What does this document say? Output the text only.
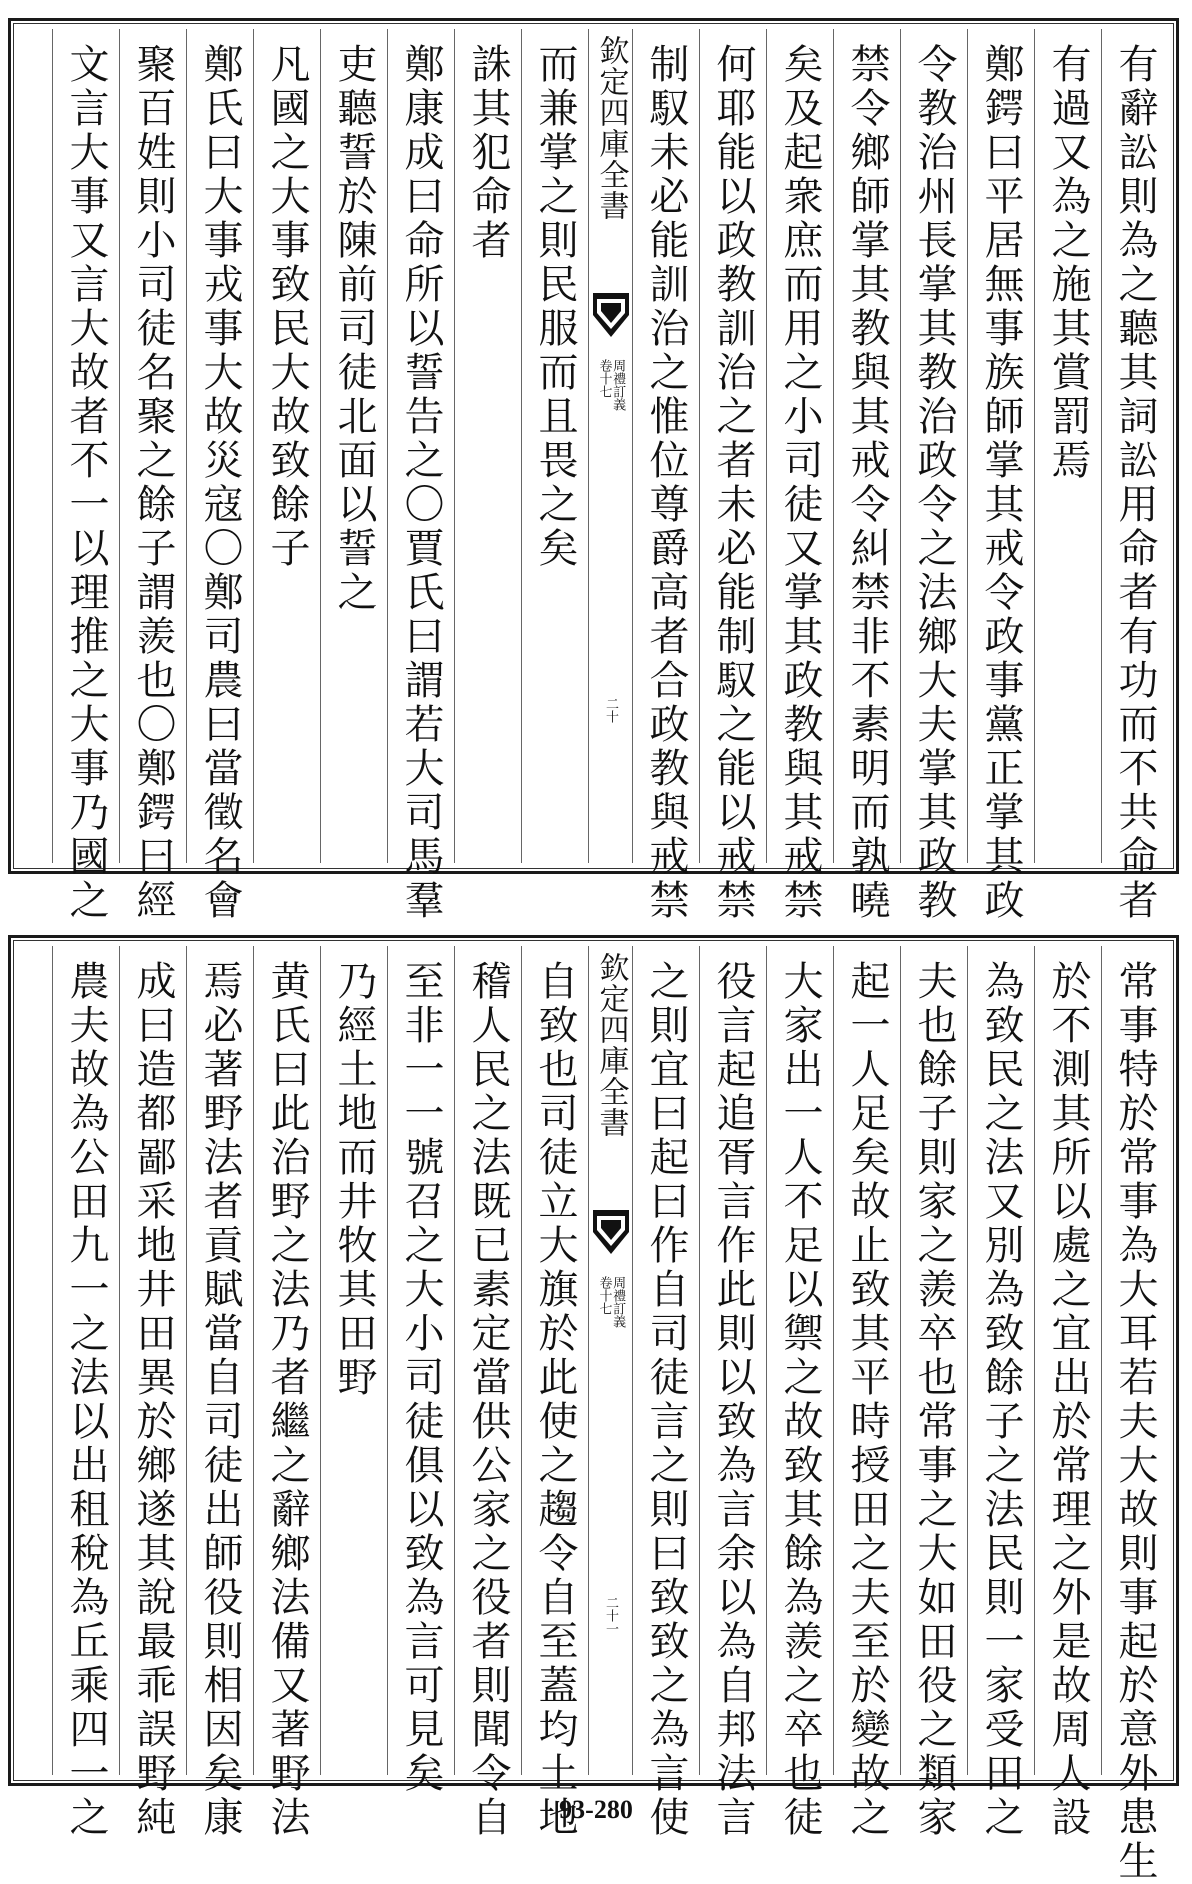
有辭訟則為之聽其詞訟用命者有功而不共命者
有過又為之施其賞罰焉
鄭鍔曰平居無事族師掌其戒令政事黨正掌其政
令教治州長掌其教治政令之法鄉大夫掌其政教
禁令鄉師掌其教與其戒令糾禁非不素明而孰曉
矣及起衆庶而用之小司徒又掌其政教與其戒禁
何耶能以政教訓治之者未必能制馭之能以戒禁
制馭未必能訓治之惟位尊爵高者合政教與戒禁
欽定四庫全書
周禮訂義
卷十七
二十
而兼掌之則民服而且畏之矣
誅其犯命者
鄭康成曰命所以誓告之〇賈氏曰謂若大司馬羣
吏聽誓於陳前司徒北面以誓之
凡國之大事致民大故致餘子
鄭氏曰大事戎事大故災寇〇鄭司農曰當徵名會
聚百姓則小司徒名聚之餘子謂羨也〇鄭鍔曰經
文言大事又言大故者不一以理推之大事乃國之
常事特於常事為大耳若夫大故則事起於意外患生
於不測其所以處之宜出於常理之外是故周人設
為致民之法又別為致餘子之法民則一家受田之
夫也餘子則家之羨卒也常事之大如田役之類家
起一人足矣故止致其平時授田之夫至於變故之
大家出一人不足以禦之故致其餘為羨之卒也徒
役言起追胥言作此則以致為言余以為自邦法言
之則宜曰起曰作自司徒言之則曰致致之為言使
欽定四庫全書
周禮訂義
卷十七
二十一
自致也司徒立大旗於此使之趨令自至蓋均土地
稽人民之法既已素定當供公家之役者則聞令自
至非一一號召之大小司徒俱以致為言可見矣
乃經土地而井牧其田野
黄氏曰此治野之法乃者繼之辭鄉法備又著野法
焉必著野法者貢賦當自司徒出師役則相因矣康
成曰造都鄙采地井田異於鄉遂其說最乖誤野純
農夫故為公田九一之法以出租稅為丘乘四一之	93-280
